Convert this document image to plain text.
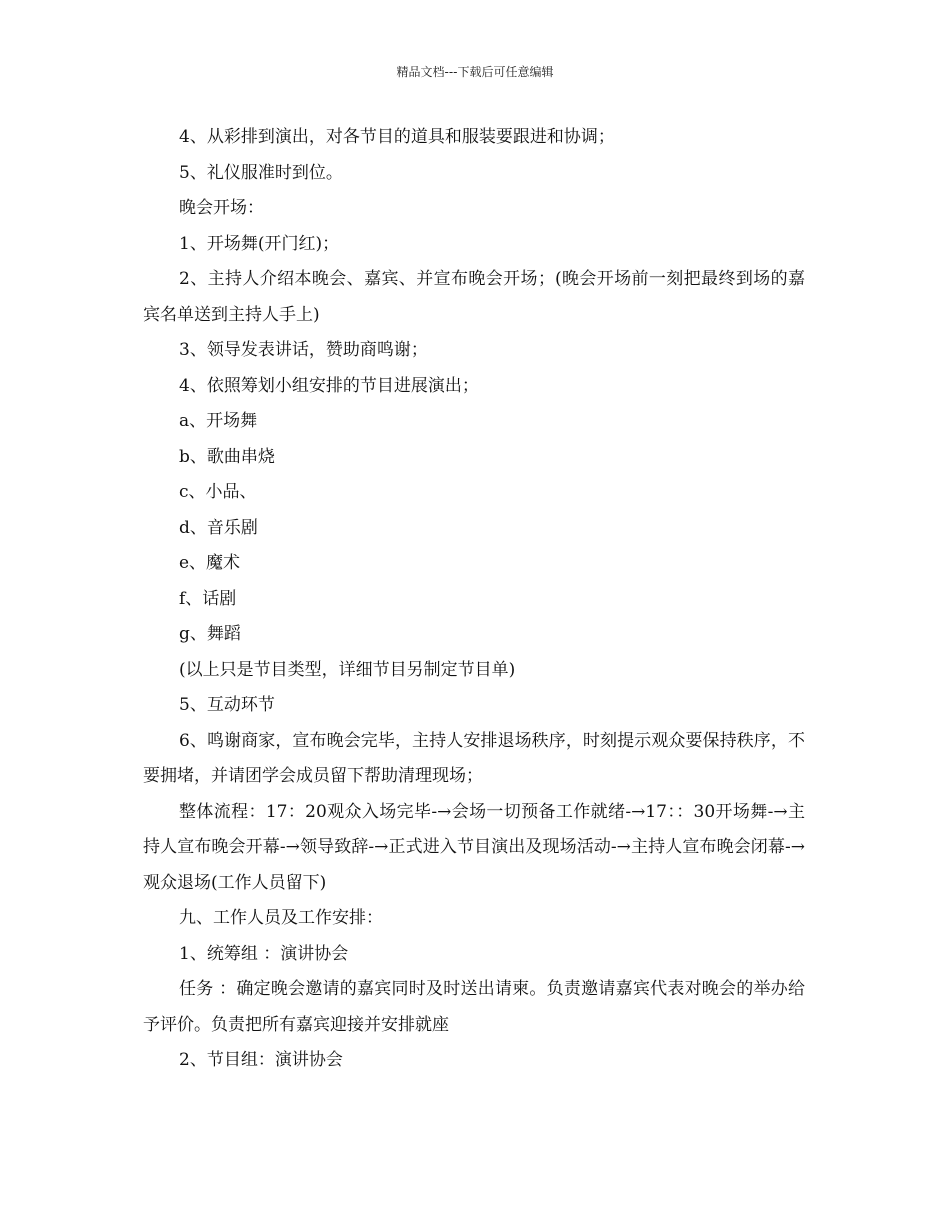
精品文档---下载后可任意编辑

4、从彩排到演出，对各节目的道具和服装要跟进和协调；

5、礼仪服准时到位。

晚会开场：

1、开场舞(开门红)；

2、主持人介绍本晚会、嘉宾、并宣布晚会开场；(晚会开场前一刻把最终到场的嘉宾名单送到主持人手上)

3、领导发表讲话，赞助商鸣谢；

4、依照筹划小组安排的节目进展演出；

a、开场舞

b、歌曲串烧

c、小品、

d、音乐剧

e、魔术

f、话剧

g、舞蹈

(以上只是节目类型，详细节目另制定节目单)

5、互动环节

6、鸣谢商家，宣布晚会完毕，主持人安排退场秩序，时刻提示观众要保持秩序，不要拥堵，并请团学会成员留下帮助清理现场；

整体流程：17：20观众入场完毕-→会场一切预备工作就绪-→17：：30开场舞-→主持人宣布晚会开幕-→领导致辞-→正式进入节目演出及现场活动-→主持人宣布晚会闭幕-→观众退场(工作人员留下)

九、工作人员及工作安排：

1、统筹组 ：演讲协会

任务 ：确定晚会邀请的嘉宾同时及时送出请柬。负责邀请嘉宾代表对晚会的举办给予评价。负责把所有嘉宾迎接并安排就座

2、节目组：演讲协会
